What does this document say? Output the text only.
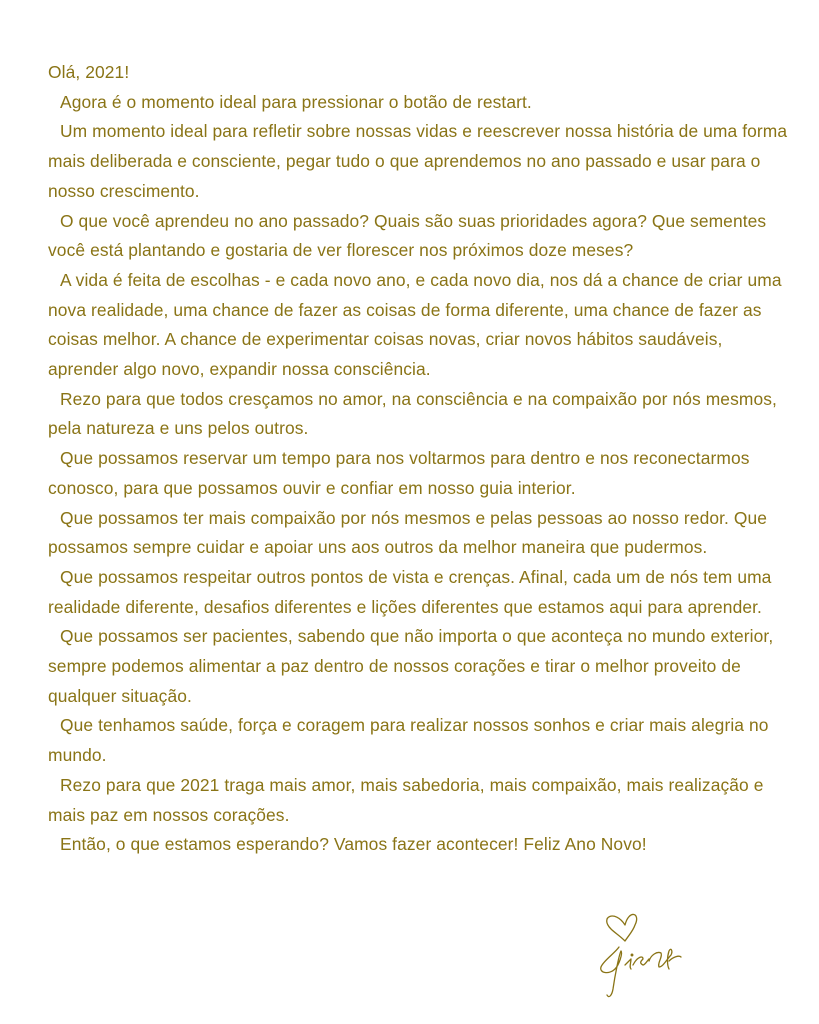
Olá, 2021!

Agora é o momento ideal para pressionar o botão de restart.

Um momento ideal para refletir sobre nossas vidas e reescrever nossa história de uma forma mais deliberada e consciente, pegar tudo o que aprendemos no ano passado e usar para o nosso crescimento.

O que você aprendeu no ano passado? Quais são suas prioridades agora? Que sementes você está plantando e gostaria de ver florescer nos próximos doze meses?

A vida é feita de escolhas - e cada novo ano, e cada novo dia, nos dá a chance de criar uma nova realidade, uma chance de fazer as coisas de forma diferente, uma chance de fazer as coisas melhor. A chance de experimentar coisas novas, criar novos hábitos saudáveis, aprender algo novo, expandir nossa consciência.

Rezo para que todos cresçamos no amor, na consciência e na compaixão por nós mesmos, pela natureza e uns pelos outros.

Que possamos reservar um tempo para nos voltarmos para dentro e nos reconectarmos conosco, para que possamos ouvir e confiar em nosso guia interior.

Que possamos ter mais compaixão por nós mesmos e pelas pessoas ao nosso redor. Que possamos sempre cuidar e apoiar uns aos outros da melhor maneira que pudermos.

Que possamos respeitar outros pontos de vista e crenças. Afinal, cada um de nós tem uma realidade diferente, desafios diferentes e lições diferentes que estamos aqui para aprender.

Que possamos ser pacientes, sabendo que não importa o que aconteça no mundo exterior, sempre podemos alimentar a paz dentro de nossos corações e tirar o melhor proveito de qualquer situação.

Que tenhamos saúde, força e coragem para realizar nossos sonhos e criar mais alegria no mundo.

Rezo para que 2021 traga mais amor, mais sabedoria, mais compaixão, mais realização e mais paz em nossos corações.

Então, o que estamos esperando? Vamos fazer acontecer! Feliz Ano Novo!
